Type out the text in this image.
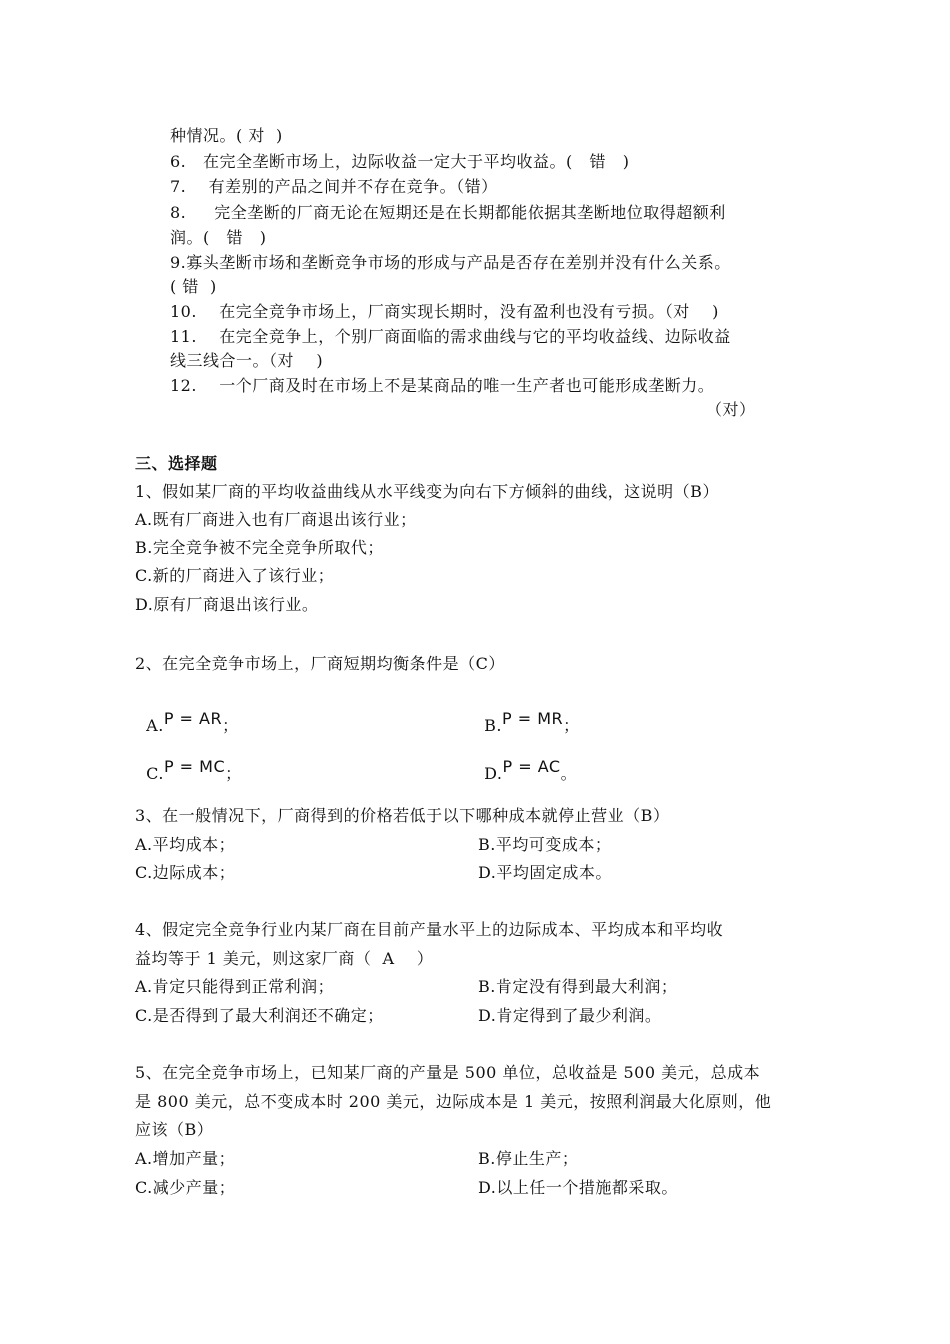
种情况。( 对  )
6.   在完全垄断市场上，边际收益一定大于平均收益。(   错   )
7.    有差别的产品之间并不存在竞争。（错）
8.     完全垄断的厂商无论在短期还是在长期都能依据其垄断地位取得超额利
润。(   错   )
9.寡头垄断市场和垄断竞争市场的形成与产品是否存在差别并没有什么关系。
( 错  )
10.    在完全竞争市场上，厂商实现长期时，没有盈利也没有亏损。（对    )
11.    在完全竞争上，个别厂商面临的需求曲线与它的平均收益线、边际收益
线三线合一。（对    )
12.    一个厂商及时在市场上不是某商品的唯一生产者也可能形成垄断力。
（对）
三、选择题
1、假如某厂商的平均收益曲线从水平线变为向右下方倾斜的曲线，这说明（B）
A.既有厂商进入也有厂商退出该行业；
B.完全竞争被不完全竞争所取代；
C.新的厂商进入了该行业；
D.原有厂商退出该行业。
2、在完全竞争市场上，厂商短期均衡条件是（C）

A.P = AR；	B.P = MR；

C.P = MC；	D.P = AC。

3、在一般情况下，厂商得到的价格若低于以下哪种成本就停止营业（B）
A.平均成本；	B.平均可变成本；
C.边际成本；	D.平均固定成本。
4、假定完全竞争行业内某厂商在目前产量水平上的边际成本、平均成本和平均收
益均等于 1 美元，则这家厂商（  A    ）
A.肯定只能得到正常利润；	B.肯定没有得到最大利润；
C.是否得到了最大利润还不确定；	D.肯定得到了最少利润。
5、在完全竞争市场上，已知某厂商的产量是 500 单位，总收益是 500 美元，总成本
是 800 美元，总不变成本时 200 美元，边际成本是 1 美元，按照利润最大化原则，他
应该（B）
A.增加产量；	B.停止生产；
C.减少产量；	D.以上任一个措施都采取。
